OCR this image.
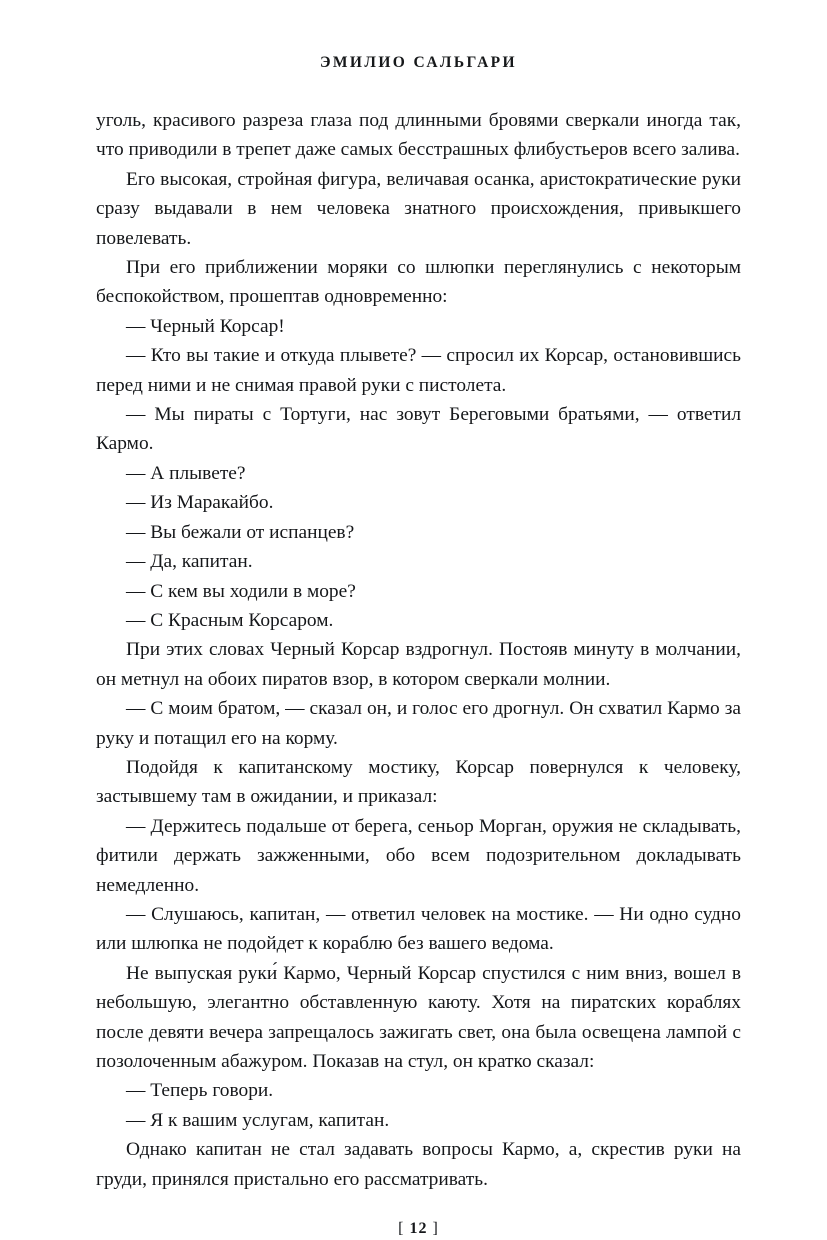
ЭМИЛИО САЛЬГАРИ

уголь, красивого разреза глаза под длинными бровями сверкали иногда так, что приводили в трепет даже самых бесстрашных флибустьеров всего залива.

Его высокая, стройная фигура, величавая осанка, аристократические руки сразу выдавали в нем человека знатного происхождения, привыкшего повелевать.

При его приближении моряки со шлюпки переглянулись с некоторым беспокойством, прошептав одновременно:

— Черный Корсар!

— Кто вы такие и откуда плывете? — спросил их Корсар, остановившись перед ними и не снимая правой руки с пистолета.

— Мы пираты с Тортуги, нас зовут Береговыми братьями, — ответил Кармо.

— А плывете?

— Из Маракайбо.

— Вы бежали от испанцев?

— Да, капитан.

— С кем вы ходили в море?

— С Красным Корсаром.

При этих словах Черный Корсар вздрогнул. Постояв минуту в молчании, он метнул на обоих пиратов взор, в котором сверкали молнии.

— С моим братом, — сказал он, и голос его дрогнул. Он схватил Кармо за руку и потащил его на корму.

Подойдя к капитанскому мостику, Корсар повернулся к человеку, застывшему там в ожидании, и приказал:

— Держитесь подальше от берега, сеньор Морган, оружия не складывать, фитили держать зажженными, обо всем подозрительном докладывать немедленно.

— Слушаюсь, капитан, — ответил человек на мостике. — Ни одно судно или шлюпка не подойдет к кораблю без вашего ведома.

Не выпуская руки́ Кармо, Черный Корсар спустился с ним вниз, вошел в небольшую, элегантно обставленную каюту. Хотя на пиратских кораблях после девяти вечера запрещалось зажигать свет, она была освещена лампой с позолоченным абажуром. Показав на стул, он кратко сказал:

— Теперь говори.

— Я к вашим услугам, капитан.

Однако капитан не стал задавать вопросы Кармо, а, скрестив руки на груди, принялся пристально его рассматривать.

[ 12 ]
